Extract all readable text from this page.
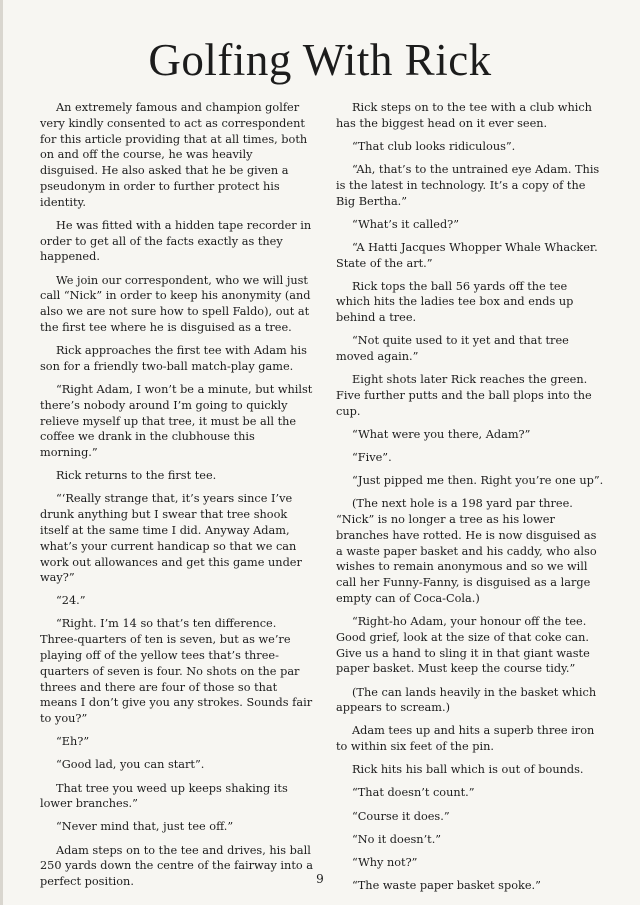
Golfing With Rick

An extremely famous and champion golfer very kindly consented to act as correspondent for this article providing that at all times, both on and off the course, he was heavily disguised. He also asked that he be given a pseudonym in order to further protect his identity.

He was fitted with a hidden tape recorder in order to get all of the facts exactly as they happened.

We join our correspondent, who we will just call “Nick” in order to keep his anonymity (and also we are not sure how to spell Faldo), out at the first tee where he is disguised as a tree.

Rick approaches the first tee with Adam his son for a friendly two-ball match-play game.

“Right Adam, I won’t be a minute, but whilst there’s nobody around I’m going to quickly relieve myself up that tree, it must be all the coffee we drank in the clubhouse this morning.”

Rick returns to the first tee.

“‘Really strange that, it’s years since I’ve drunk anything but I swear that tree shook itself at the same time I did. Anyway Adam, what’s your current handicap so that we can work out allowances and get this game under way?”

“24.”

“Right. I’m 14 so that’s ten difference. Three-quarters of ten is seven, but as we’re playing off of the yellow tees that’s three-quarters of seven is four. No shots on the par threes and there are four of those so that means I don’t give you any strokes. Sounds fair to you?”

“Eh?”

“Good lad, you can start”.

That tree you weed up keeps shaking its lower branches.”

“Never mind that, just tee off.”

Adam steps on to the tee and drives, his ball 250 yards down the centre of the fairway into a perfect position.

Rick steps on to the tee with a club which has the biggest head on it ever seen.

“That club looks ridiculous”.

“Ah, that’s to the untrained eye Adam. This is the latest in technology. It’s a copy of the Big Bertha.”

“What’s it called?”

“A Hatti Jacques Whopper Whale Whacker. State of the art.”

Rick tops the ball 56 yards off the tee which hits the ladies tee box and ends up behind a tree.

“Not quite used to it yet and that tree moved again.”

Eight shots later Rick reaches the green. Five further putts and the ball plops into the cup.

“What were you there, Adam?”

“Five”.

“Just pipped me then. Right you’re one up”.

(The next hole is a 198 yard par three. “Nick” is no longer a tree as his lower branches have rotted. He is now disguised as a waste paper basket and his caddy, who also wishes to remain anonymous and so we will call her Funny-Fanny, is disguised as a large empty can of Coca-Cola.)

“Right-ho Adam, your honour off the tee. Good grief, look at the size of that coke can. Give us a hand to sling it in that giant waste paper basket. Must keep the course tidy.”

(The can lands heavily in the basket which appears to scream.)

Adam tees up and hits a superb three iron to within six feet of the pin.

Rick hits his ball which is out of bounds.

“That doesn’t count.”

“Course it does.”

“No it doesn’t.”

“Why not?”

“The waste paper basket spoke.”

9
